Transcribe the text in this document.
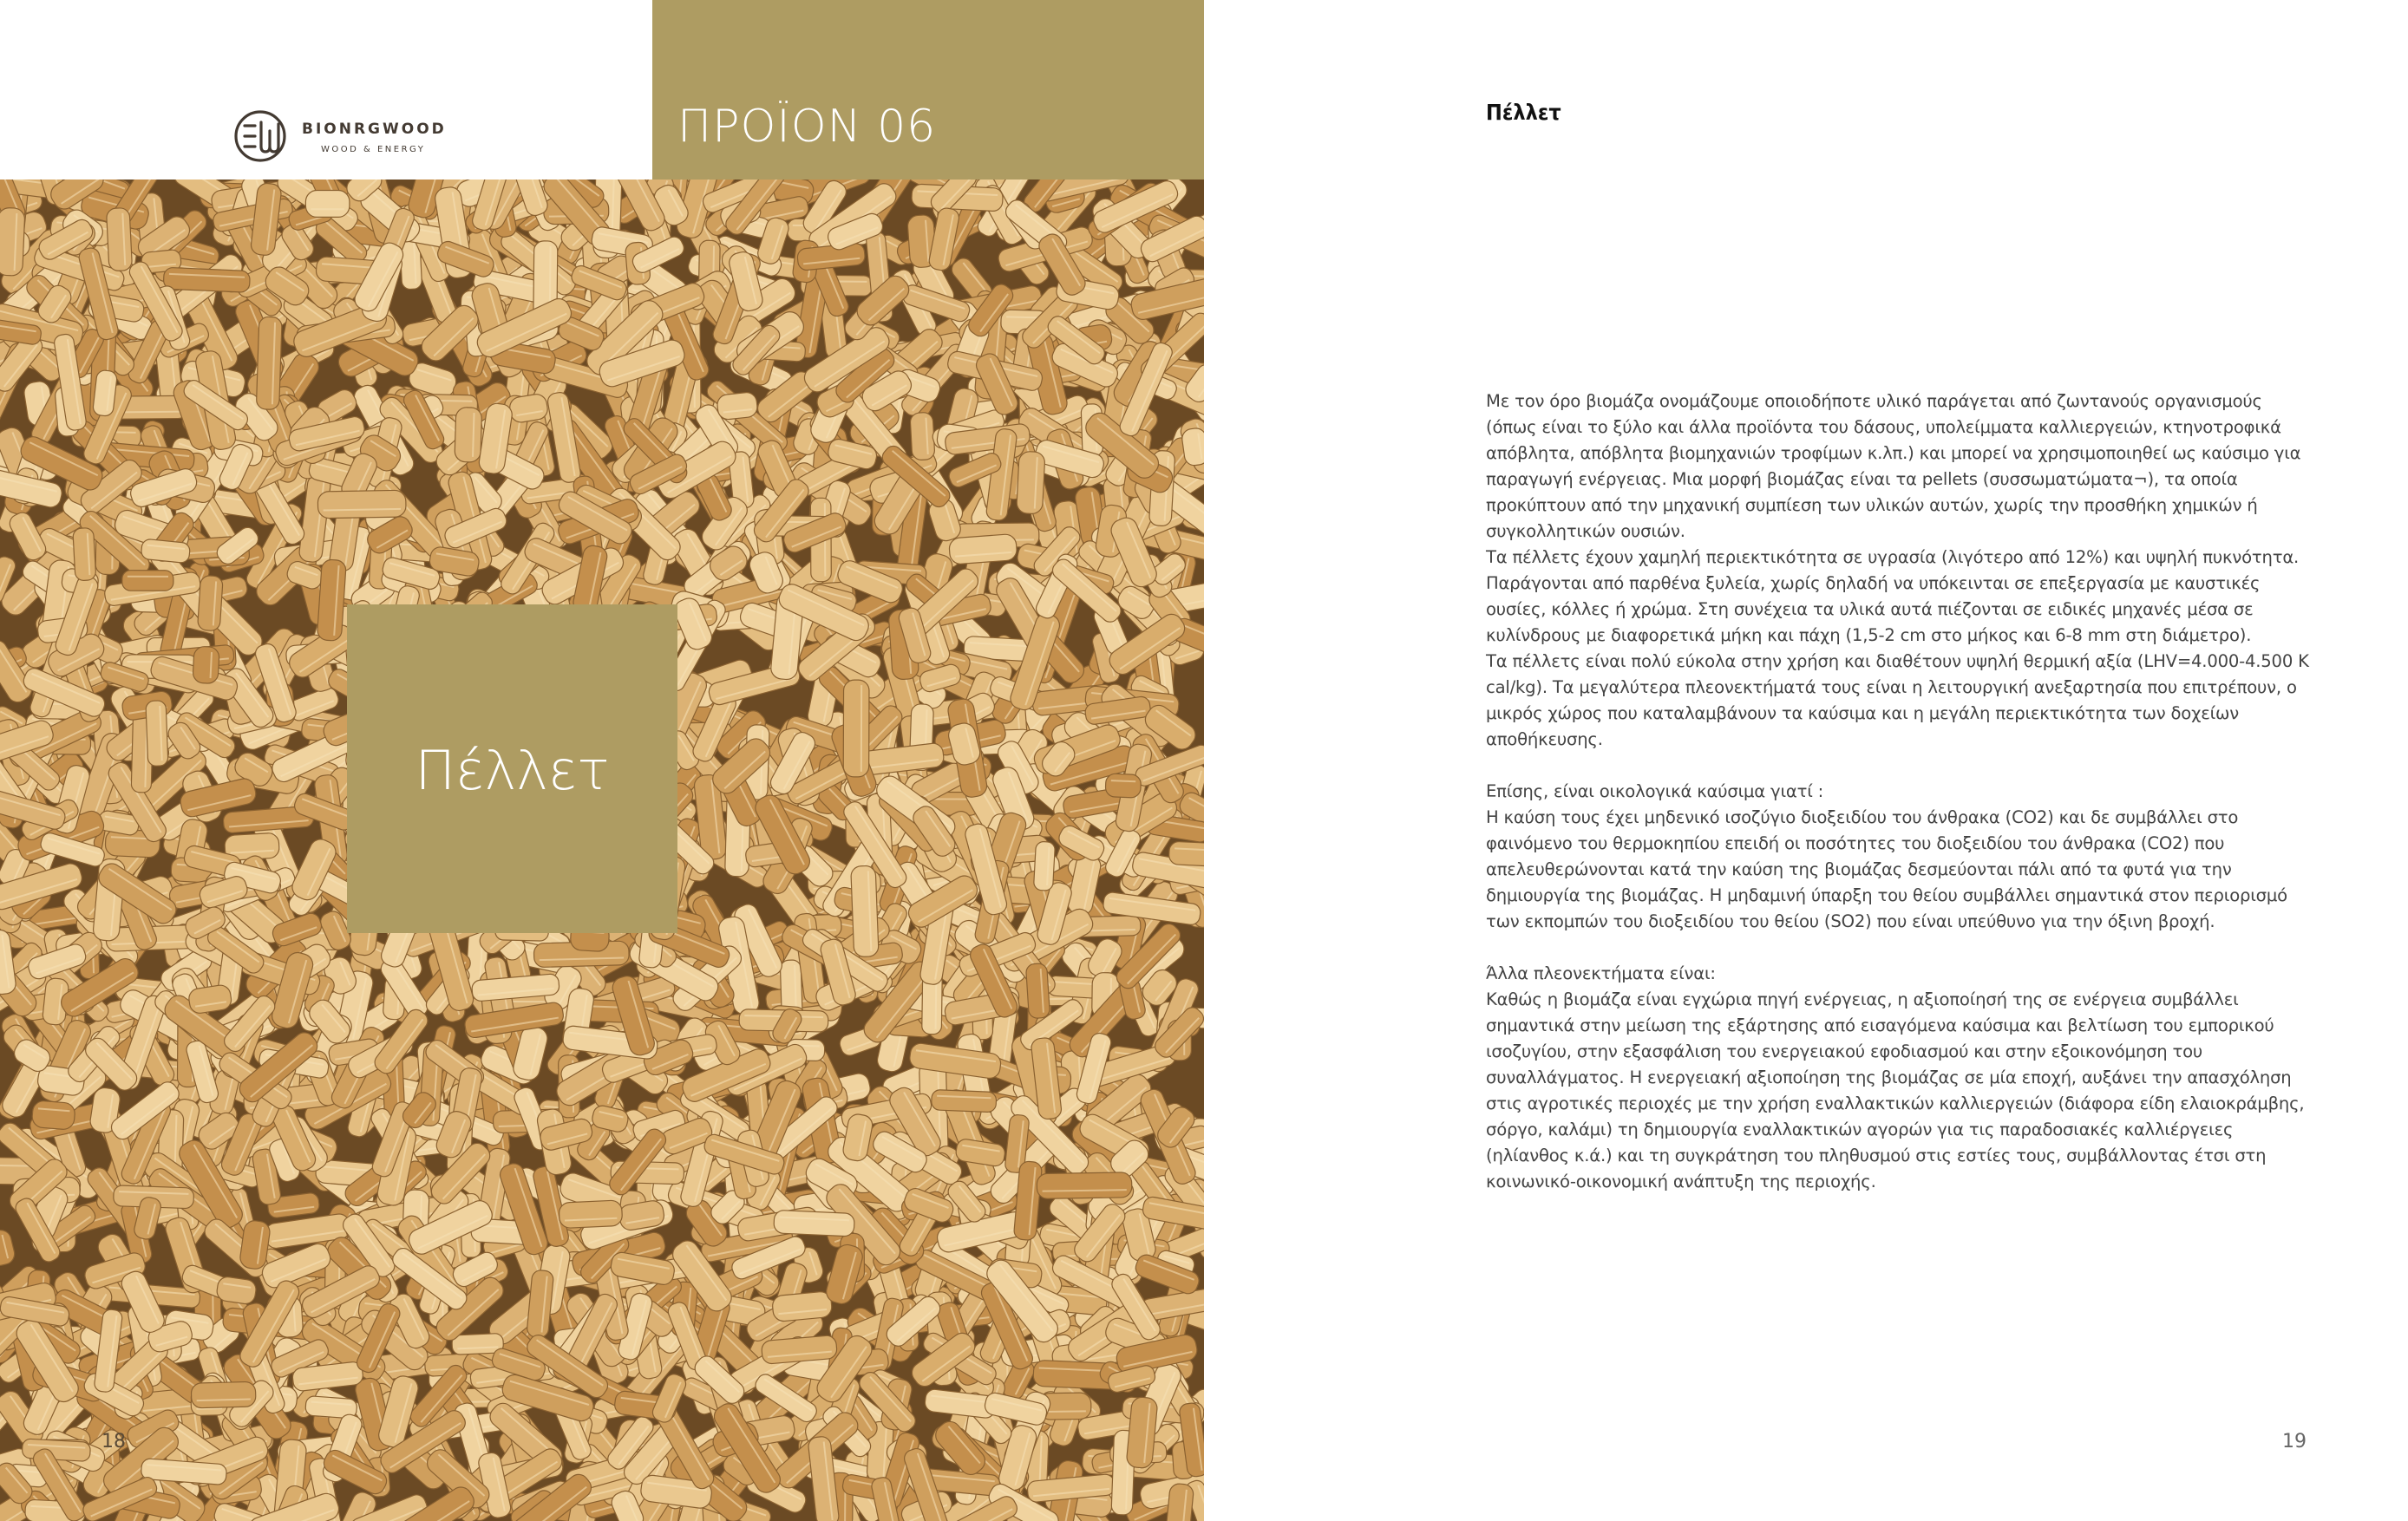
ΒΙΟΝRGWOOD
WOOD & ENERGY	ΠΡΟΪΟΝ 06
Πέλλετ
18
Πέλλετ

Με τον όρο βιομάζα ονομάζουμε οποιοδήποτε υλικό παράγεται από ζωντανούς οργανισμούς (όπως είναι το ξύλο και άλλα προϊόντα του δάσους, υπολείμματα καλλιεργειών, κτηνοτροφικά απόβλητα, απόβλητα βιομηχανιών τροφίμων κ.λπ.) και μπορεί να χρησιμοποιηθεί ως καύσιμο για παραγωγή ενέργειας. Μια μορφή βιομάζας είναι τα pellets (συσσωματώματα¬), τα οποία προκύπτουν από την μηχανική συμπίεση των υλικών αυτών, χωρίς την προσθήκη χημικών ή συγκολλητικών ουσιών.

Τα πέλλετς έχουν χαμηλή περιεκτικότητα σε υγρασία (λιγότερο από 12%) και υψηλή πυκνότητα. Παράγονται από παρθένα ξυλεία, χωρίς δηλαδή να υπόκεινται σε επεξεργασία με καυστικές ουσίες, κόλλες ή χρώμα. Στη συνέχεια τα υλικά αυτά πιέζονται σε ειδικές μηχανές μέσα σε κυλίνδρους με διαφορετικά μήκη και πάχη (1,5-2 cm στο μήκος και 6-8 mm στη διάμετρο).

Τα πέλλετς είναι πολύ εύκολα στην χρήση και διαθέτουν υψηλή θερμική αξία (LHV=4.000-4.500 K cal/kg). Τα μεγαλύτερα πλεονεκτήματά τους είναι η λειτουργική ανεξαρτησία που επιτρέπουν, ο μικρός χώρος που καταλαμβάνουν τα καύσιμα και η μεγάλη περιεκτικότητα των δοχείων αποθήκευσης.

Επίσης, είναι οικολογικά καύσιμα γιατί :

Η καύση τους έχει μηδενικό ισοζύγιο διοξειδίου του άνθρακα (CO2) και δε συμβάλλει στο φαινόμενο του θερμοκηπίου επειδή οι ποσότητες του διοξειδίου του άνθρακα (CO2) που απελευθερώνονται κατά την καύση της βιομάζας δεσμεύονται πάλι από τα φυτά για την δημιουργία της βιομάζας. Η μηδαμινή ύπαρξη του θείου συμβάλλει σημαντικά στον περιορισμό των εκπομπών του διοξειδίου του θείου (SO2) που είναι υπεύθυνο για την όξινη βροχή.

Άλλα πλεονεκτήματα είναι:

Καθώς η βιομάζα είναι εγχώρια πηγή ενέργειας, η αξιοποίησή της σε ενέργεια συμβάλλει σημαντικά στην μείωση της εξάρτησης από εισαγόμενα καύσιμα και βελτίωση του εμπορικού ισοζυγίου, στην εξασφάλιση του ενεργειακού εφοδιασμού και στην εξοικονόμηση του συναλλάγματος. Η ενεργειακή αξιοποίηση της βιομάζας σε μία εποχή, αυξάνει την απασχόληση στις αγροτικές περιοχές με την χρήση εναλλακτικών καλλιεργειών (διάφορα είδη ελαιοκράμβης, σόργο, καλάμι) τη δημιουργία εναλλακτικών αγορών για τις παραδοσιακές καλλιέργειες (ηλίανθος κ.ά.) και τη συγκράτηση του πληθυσμού στις εστίες τους, συμβάλλοντας έτσι στη κοινωνικό-οικονομική ανάπτυξη της περιοχής.

19
